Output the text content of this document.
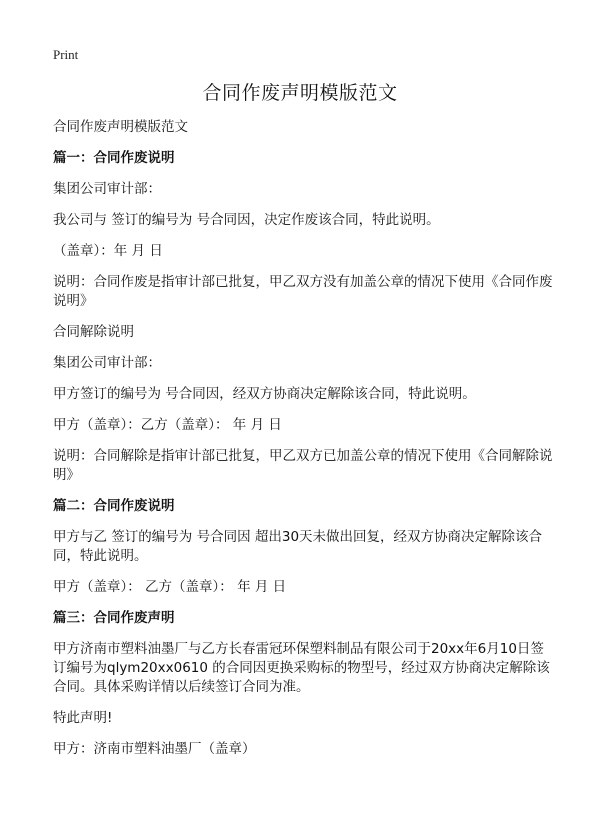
Print
合同作废声明模版范文

合同作废声明模版范文

篇一：合同作废说明

集团公司审计部：

我公司与 签订的编号为 号合同因，决定作废该合同，特此说明。

（盖章）：年 月 日

说明：合同作废是指审计部已批复，甲乙双方没有加盖公章的情况下使用《合同作废说明》

合同解除说明

集团公司审计部：

甲方签订的编号为 号合同因，经双方协商决定解除该合同，特此说明。

甲方（盖章）：乙方（盖章）： 年 月 日

说明：合同解除是指审计部已批复，甲乙双方已加盖公章的情况下使用《合同解除说明》

篇二：合同作废说明

甲方与乙 签订的编号为 号合同因 超出30天未做出回复，经双方协商决定解除该合同，特此说明。

甲方（盖章）： 乙方（盖章）： 年 月 日

篇三：合同作废声明

甲方济南市塑料油墨厂与乙方长春雷冠环保塑料制品有限公司于20xx年6月10日签订编号为qlym20xx0610 的合同因更换采购标的物型号，经过双方协商决定解除该合同。具体采购详情以后续签订合同为准。

特此声明!

甲方：济南市塑料油墨厂（盖章）
